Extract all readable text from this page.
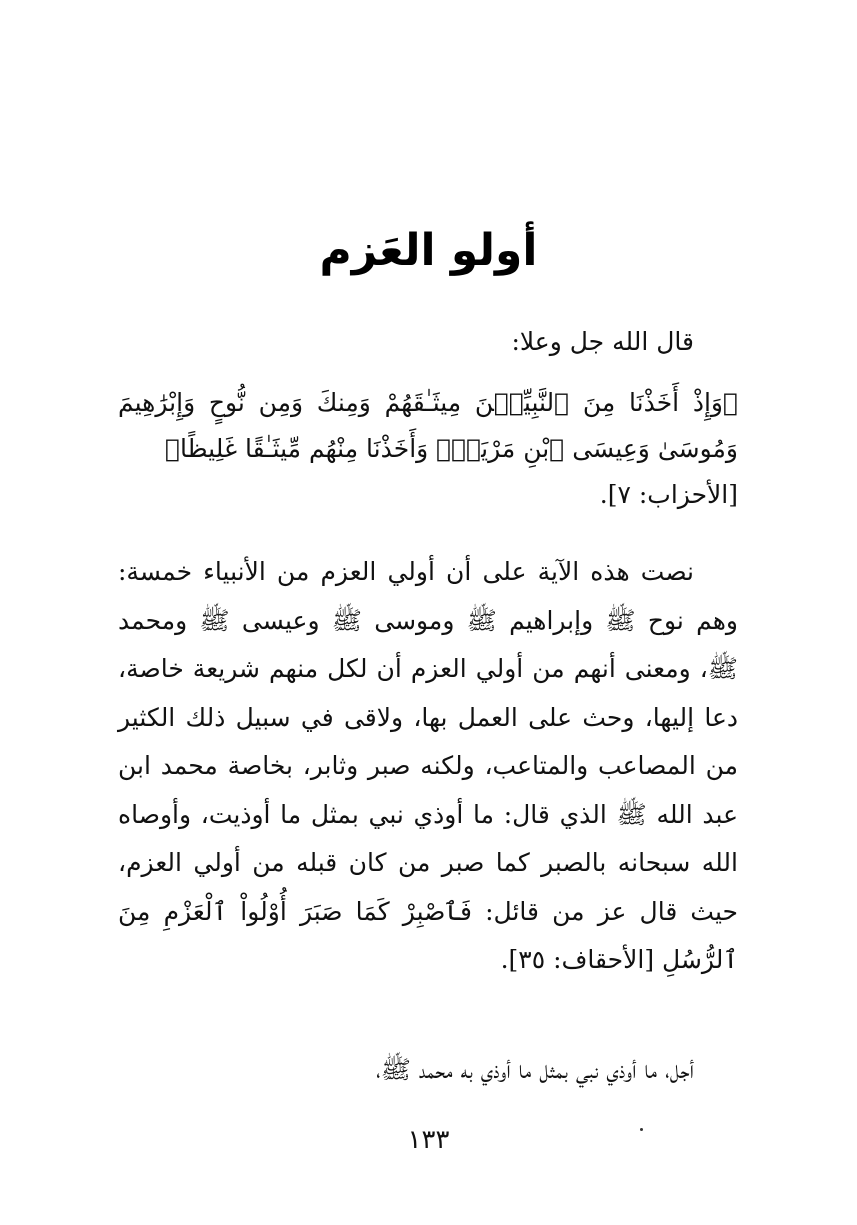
أولو العَزم
قال الله جل وعلا:
﴿وَإِذْ أَخَذْنَا مِنَ ٱلنَّبِيِّـۧنَ مِيثَـٰقَهُمْ وَمِنكَ وَمِن نُّوحٍ وَإِبْرَٰهِيمَ وَمُوسَىٰ وَعِيسَى ٱبْنِ مَرْيَمَۖ وَأَخَذْنَا مِنْهُم مِّيثَـٰقًا غَلِيظًا﴾
[الأحزاب: ٧].
نصت هذه الآية على أن أولي العزم من الأنبياء خمسة: وهم نوح ﷺ وإبراهيم ﷺ وموسى ﷺ وعيسى ﷺ ومحمد ﷺ، ومعنى أنهم من أولي العزم أن لكل منهم شريعة خاصة، دعا إليها، وحث على العمل بها، ولاقى في سبيل ذلك الكثير من المصاعب والمتاعب، ولكنه صبر وثابر، بخاصة محمد ابن عبد الله ﷺ الذي قال: ما أوذي نبي بمثل ما أوذيت، وأوصاه الله سبحانه بالصبر كما صبر من كان قبله من أولي العزم، حيث قال عز من قائل: فَٱصْبِرْ كَمَا صَبَرَ أُوْلُواْ ٱلْعَزْمِ مِنَ ٱلرُّسُلِ [الأحقاف: ٣٥].
أجل، ما أوذي نبي بمثل ما أوذي به محمد ﷺ،
١٣٣
